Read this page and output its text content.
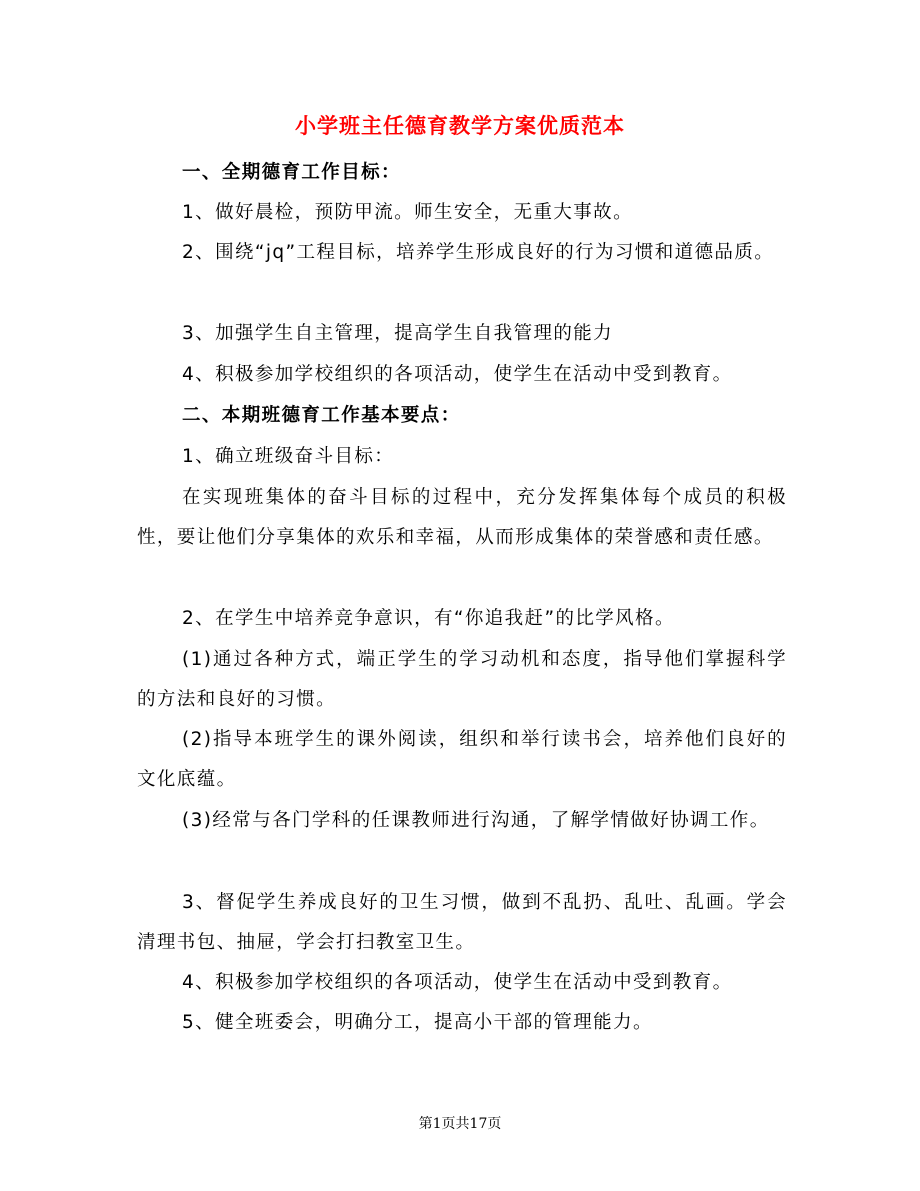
小学班主任德育教学方案优质范本
一、全期德育工作目标：
1、做好晨检，预防甲流。师生安全，无重大事故。
2、围绕“jq”工程目标，培养学生形成良好的行为习惯和道德品质。
3、加强学生自主管理，提高学生自我管理的能力
4、积极参加学校组织的各项活动，使学生在活动中受到教育。
二、本期班德育工作基本要点：
1、确立班级奋斗目标：
在实现班集体的奋斗目标的过程中，充分发挥集体每个成员的积极性，要让他们分享集体的欢乐和幸福，从而形成集体的荣誉感和责任感。
2、在学生中培养竞争意识，有“你追我赶”的比学风格。
(1)通过各种方式，端正学生的学习动机和态度，指导他们掌握科学的方法和良好的习惯。
(2)指导本班学生的课外阅读，组织和举行读书会，培养他们良好的文化底蕴。
(3)经常与各门学科的任课教师进行沟通，了解学情做好协调工作。
3、督促学生养成良好的卫生习惯，做到不乱扔、乱吐、乱画。学会清理书包、抽屉，学会打扫教室卫生。
4、积极参加学校组织的各项活动，使学生在活动中受到教育。
5、健全班委会，明确分工，提高小干部的管理能力。
第1页共17页
